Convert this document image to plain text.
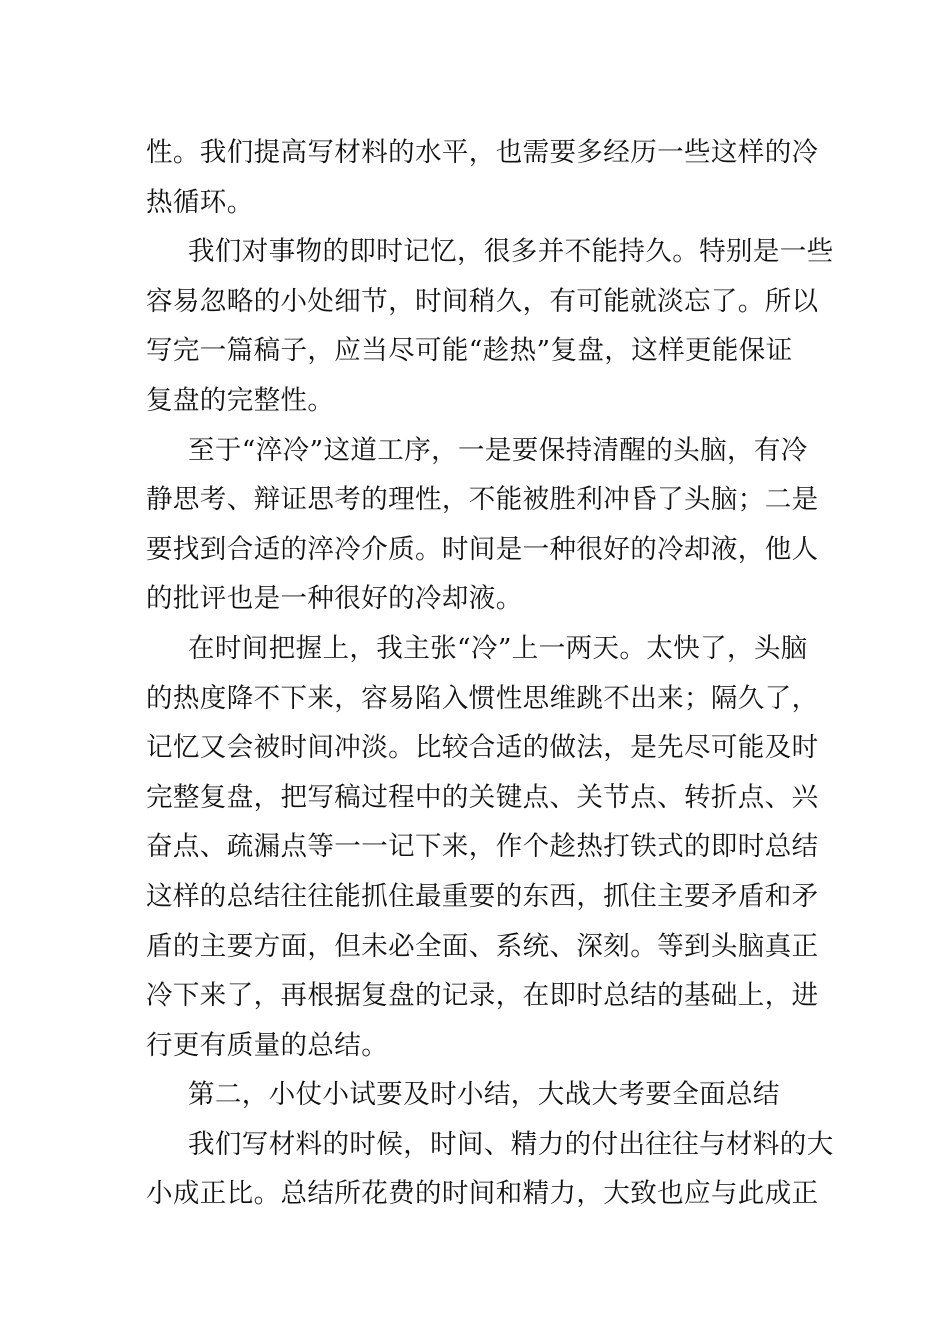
性。我们提高写材料的水平，也需要多经历一些这样的冷
热循环。
我们对事物的即时记忆，很多并不能持久。特别是一些
容易忽略的小处细节，时间稍久，有可能就淡忘了。所以
写完一篇稿子，应当尽可能“趁热”复盘，这样更能保证
复盘的完整性。
至于“淬冷”这道工序，一是要保持清醒的头脑，有冷
静思考、辩证思考的理性，不能被胜利冲昏了头脑；二是
要找到合适的淬冷介质。时间是一种很好的冷却液，他人
的批评也是一种很好的冷却液。
在时间把握上，我主张“冷”上一两天。太快了，头脑
的热度降不下来，容易陷入惯性思维跳不出来；隔久了，
记忆又会被时间冲淡。比较合适的做法，是先尽可能及时
完整复盘，把写稿过程中的关键点、关节点、转折点、兴
奋点、疏漏点等一一记下来，作个趁热打铁式的即时总结
这样的总结往往能抓住最重要的东西，抓住主要矛盾和矛
盾的主要方面，但未必全面、系统、深刻。等到头脑真正
冷下来了，再根据复盘的记录，在即时总结的基础上，进
行更有质量的总结。
第二，小仗小试要及时小结，大战大考要全面总结
我们写材料的时候，时间、精力的付出往往与材料的大
小成正比。总结所花费的时间和精力，大致也应与此成正
